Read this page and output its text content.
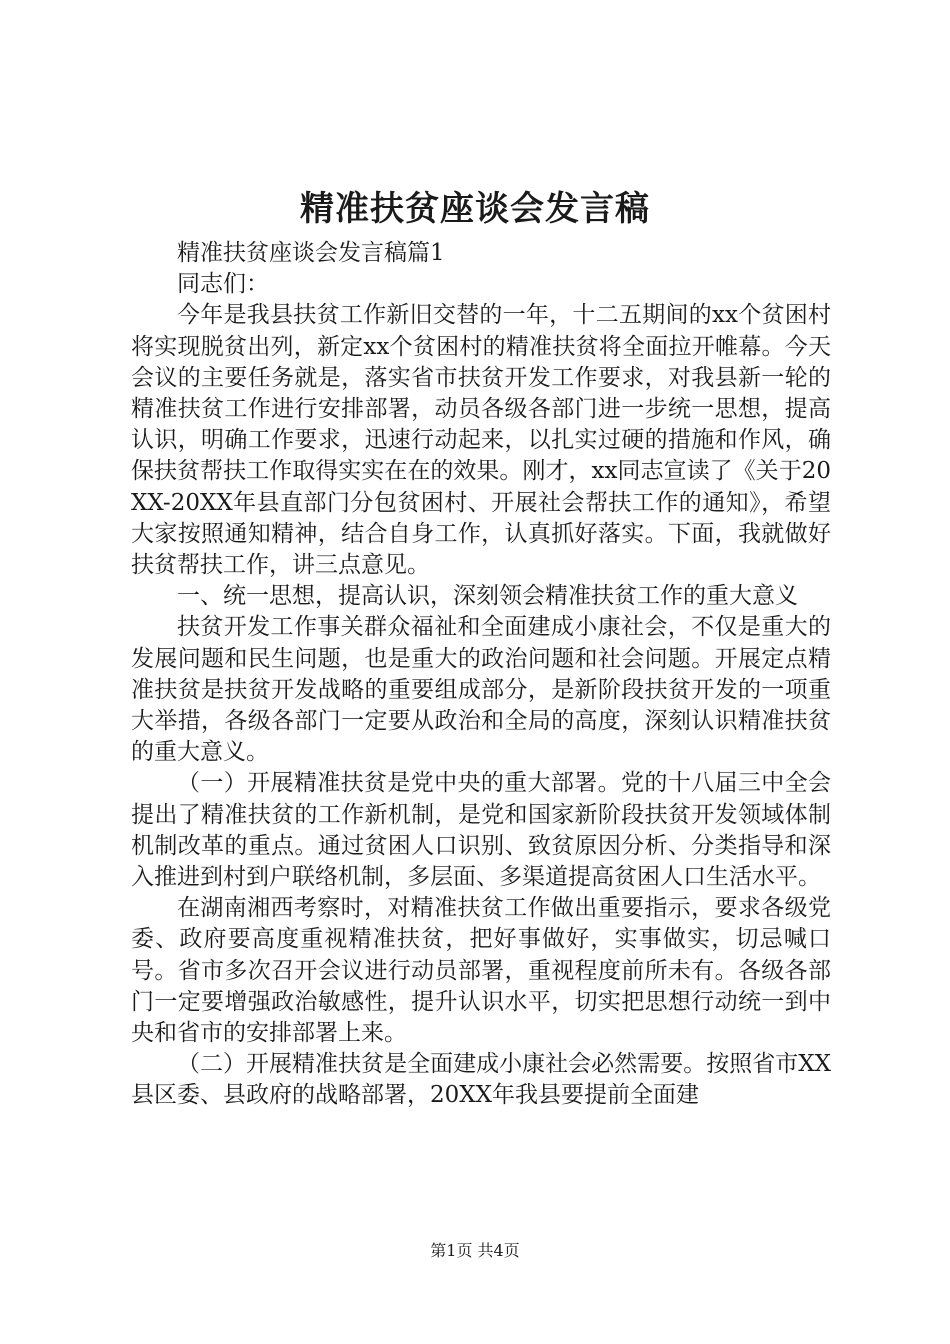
精准扶贫座谈会发言稿

精准扶贫座谈会发言稿篇1

同志们：

今年是我县扶贫工作新旧交替的一年，十二五期间的xx个贫困村将实现脱贫出列，新定xx个贫困村的精准扶贫将全面拉开帷幕。今天会议的主要任务就是，落实省市扶贫开发工作要求，对我县新一轮的精准扶贫工作进行安排部署，动员各级各部门进一步统一思想，提高认识，明确工作要求，迅速行动起来，以扎实过硬的措施和作风，确保扶贫帮扶工作取得实实在在的效果。刚才，xx同志宣读了《关于20XX-20XX年县直部门分包贫困村、开展社会帮扶工作的通知》，希望大家按照通知精神，结合自身工作，认真抓好落实。下面，我就做好扶贫帮扶工作，讲三点意见。

一、统一思想，提高认识，深刻领会精准扶贫工作的重大意义

扶贫开发工作事关群众福祉和全面建成小康社会，不仅是重大的发展问题和民生问题，也是重大的政治问题和社会问题。开展定点精准扶贫是扶贫开发战略的重要组成部分，是新阶段扶贫开发的一项重大举措，各级各部门一定要从政治和全局的高度，深刻认识精准扶贫的重大意义。

（一）开展精准扶贫是党中央的重大部署。党的十八届三中全会提出了精准扶贫的工作新机制，是党和国家新阶段扶贫开发领域体制机制改革的重点。通过贫困人口识别、致贫原因分析、分类指导和深入推进到村到户联络机制，多层面、多渠道提高贫困人口生活水平。

在湖南湘西考察时，对精准扶贫工作做出重要指示，要求各级党委、政府要高度重视精准扶贫，把好事做好，实事做实，切忌喊口号。省市多次召开会议进行动员部署，重视程度前所未有。各级各部门一定要增强政治敏感性，提升认识水平，切实把思想行动统一到中央和省市的安排部署上来。

（二）开展精准扶贫是全面建成小康社会必然需要。按照省市XX县区委、县政府的战略部署，20XX年我县要提前全面建

第1页 共4页
